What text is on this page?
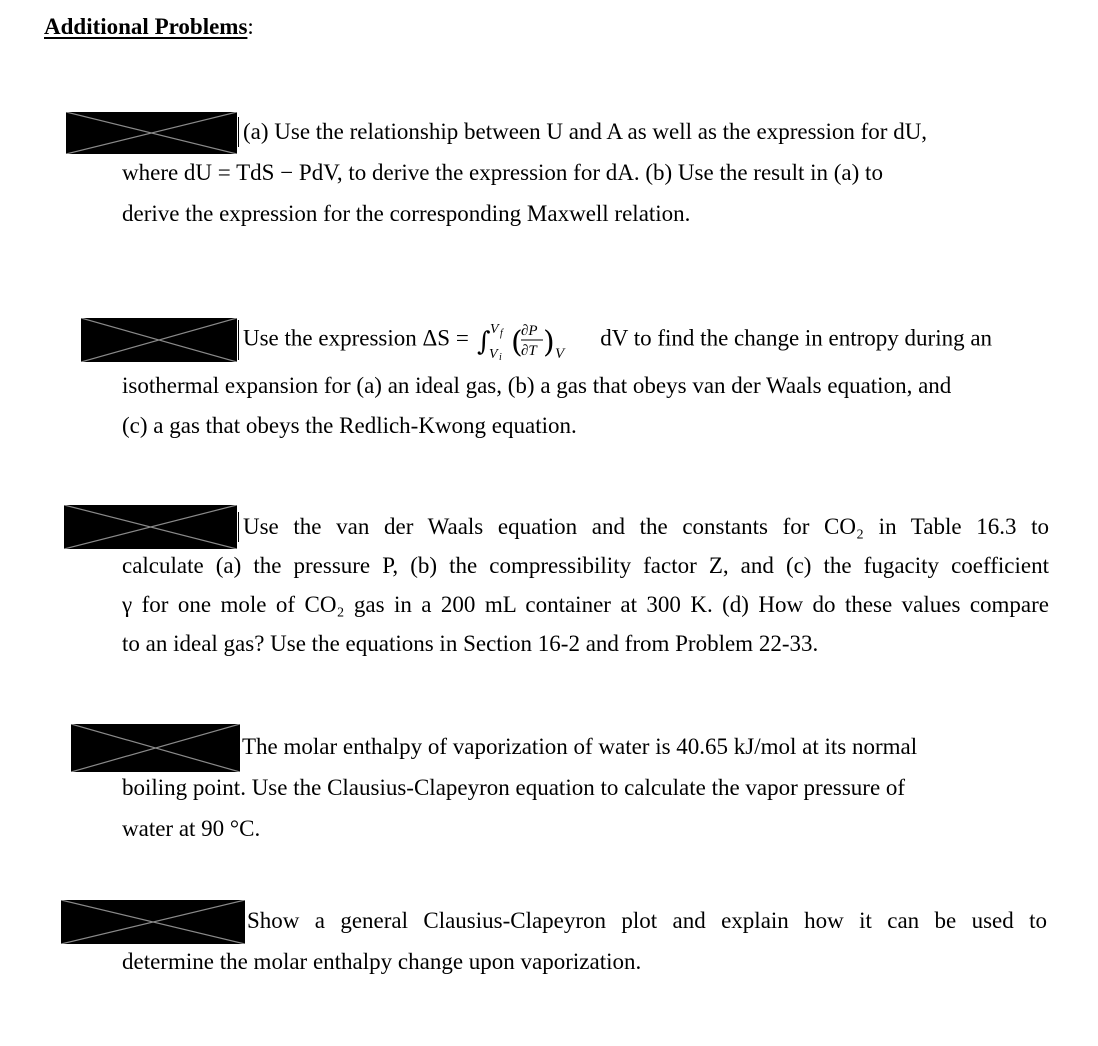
Additional Problems:
(a) Use the relationship between U and A as well as the expression for dU,
where dU = TdS − PdV, to derive the expression for dA. (b) Use the result in (a) to
derive the expression for the corresponding Maxwell relation.
Use the expression ΔS = ∫ V f
V i (
∂P
∂T ) V
dV to find the change in entropy during an
isothermal expansion for (a) an ideal gas, (b) a gas that obeys van der Waals equation, and
(c) a gas that obeys the Redlich-Kwong equation.
Use the van der Waals equation and the constants for CO₂ in Table 16.3 to
calculate (a) the pressure P, (b) the compressibility factor Z, and (c) the fugacity coefficient
γ for one mole of CO₂ gas in a 200 mL container at 300 K. (d) How do these values compare
to an ideal gas? Use the equations in Section 16-2 and from Problem 22-33.
The molar enthalpy of vaporization of water is 40.65 kJ/mol at its normal
boiling point. Use the Clausius-Clapeyron equation to calculate the vapor pressure of
water at 90 °C.
Show a general Clausius-Clapeyron plot and explain how it can be used to
determine the molar enthalpy change upon vaporization.
